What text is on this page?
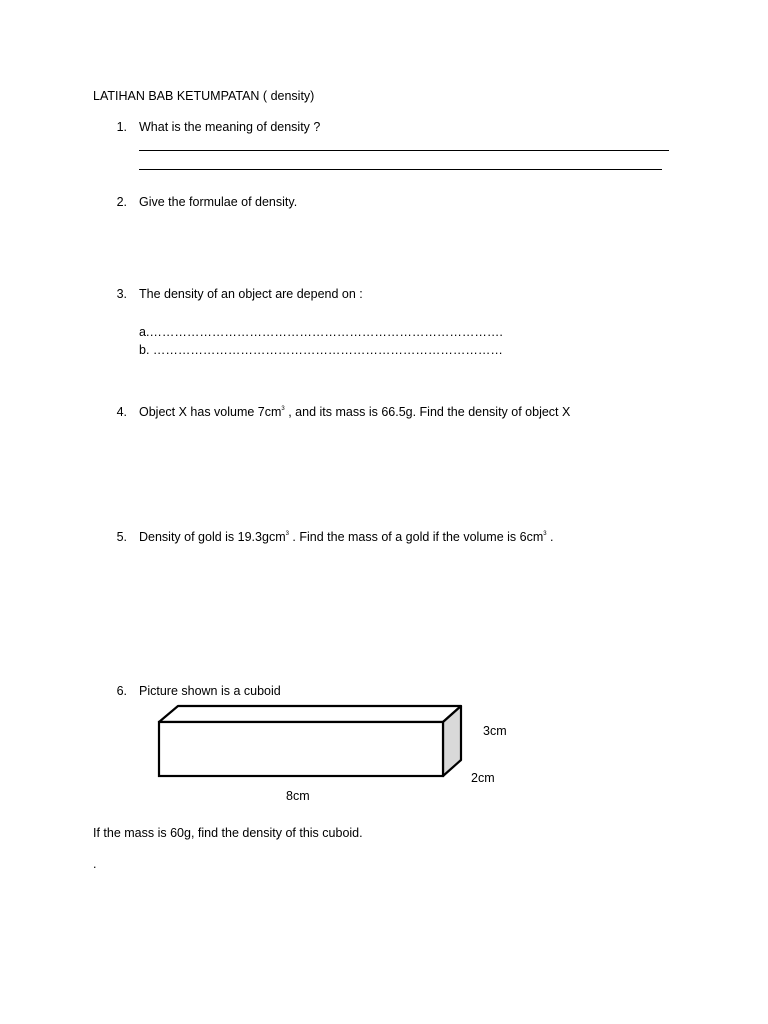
LATIHAN BAB KETUMPATAN ( density)
1. What is the meaning of density ?
2. Give the formulae of density.
3. The density of an object are depend on :
a.………………………………………………………………………….
b. …………………………………………………………………………
4. Object X has volume $7cm^3$ , and its mass is 66.5g. Find the density of object X
5. Density of gold is 19.3gcm$^3$ . Find the mass of a gold if the volume is $6cm^3$ .
6. Picture shown is a cuboid
3cm
2cm
8cm
If the mass is 60g, find the density of this cuboid.
.
